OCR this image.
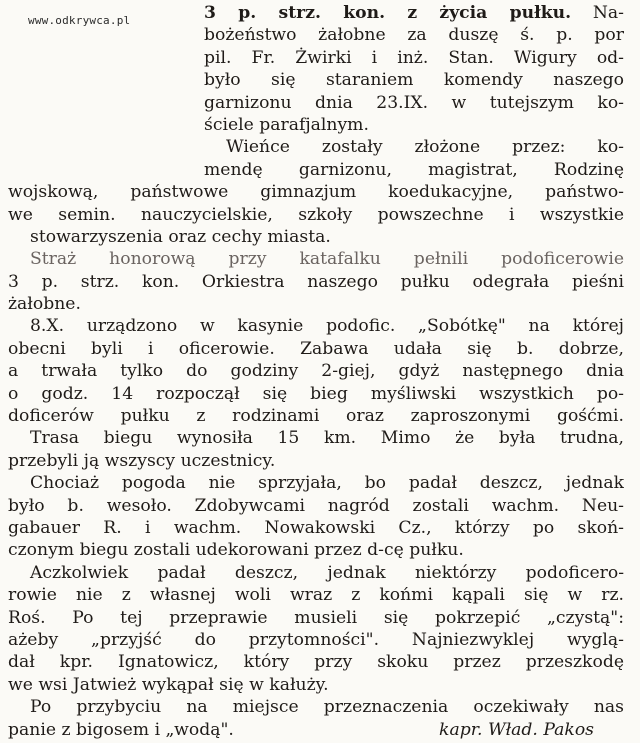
www.odkrywca.pl	3 p. strz. kon. z życia pułku. Na-
bożeństwo żałobne za duszę ś. p. por
pil. Fr. Żwirki i inż. Stan. Wigury od-
było się staraniem komendy naszego
garnizonu dnia 23.IX. w tutejszym ko-
ściele parafjalnym.
Wieńce zostały złożone przez: ko-
mendę garnizonu, magistrat, Rodzinę
wojskową, państwowe gimnazjum koedukacyjne, państwo-
we semin. nauczycielskie, szkoły powszechne i wszystkie
stowarzyszenia oraz cechy miasta.
Straż honorową przy katafalku pełnili podoficerowie
3 p. strz. kon. Orkiestra naszego pułku odegrała pieśni
żałobne.
8.X. urządzono w kasynie podofic. „Sobótkę" na której
obecni byli i oficerowie. Zabawa udała się b. dobrze,
a trwała tylko do godziny 2-giej, gdyż następnego dnia
o godz. 14 rozpoczął się bieg myśliwski wszystkich po-
doficerów pułku z rodzinami oraz zaproszonymi gośćmi.
Trasa biegu wynosiła 15 km. Mimo że była trudna,
przebyli ją wszyscy uczestnicy.
Chociaż pogoda nie sprzyjała, bo padał deszcz, jednak
było b. wesoło. Zdobywcami nagród zostali wachm. Neu-
gabauer R. i wachm. Nowakowski Cz., którzy po skoń-
czonym biegu zostali udekorowani przez d-cę pułku.
Aczkolwiek padał deszcz, jednak niektórzy podoficero-
rowie nie z własnej woli wraz z końmi kąpali się w rz.
Roś. Po tej przeprawie musieli się pokrzepić „czystą":
ażeby „przyjść do przytomności". Najniezwyklej wyglą-
dał kpr. Ignatowicz, który przy skoku przez przeszkodę
we wsi Jatwież wykąpał się w kałuży.
Po przybyciu na miejsce przeznaczenia oczekiwały nas
panie z bigosem i „wodą".	kapr. Wład. Pakos
